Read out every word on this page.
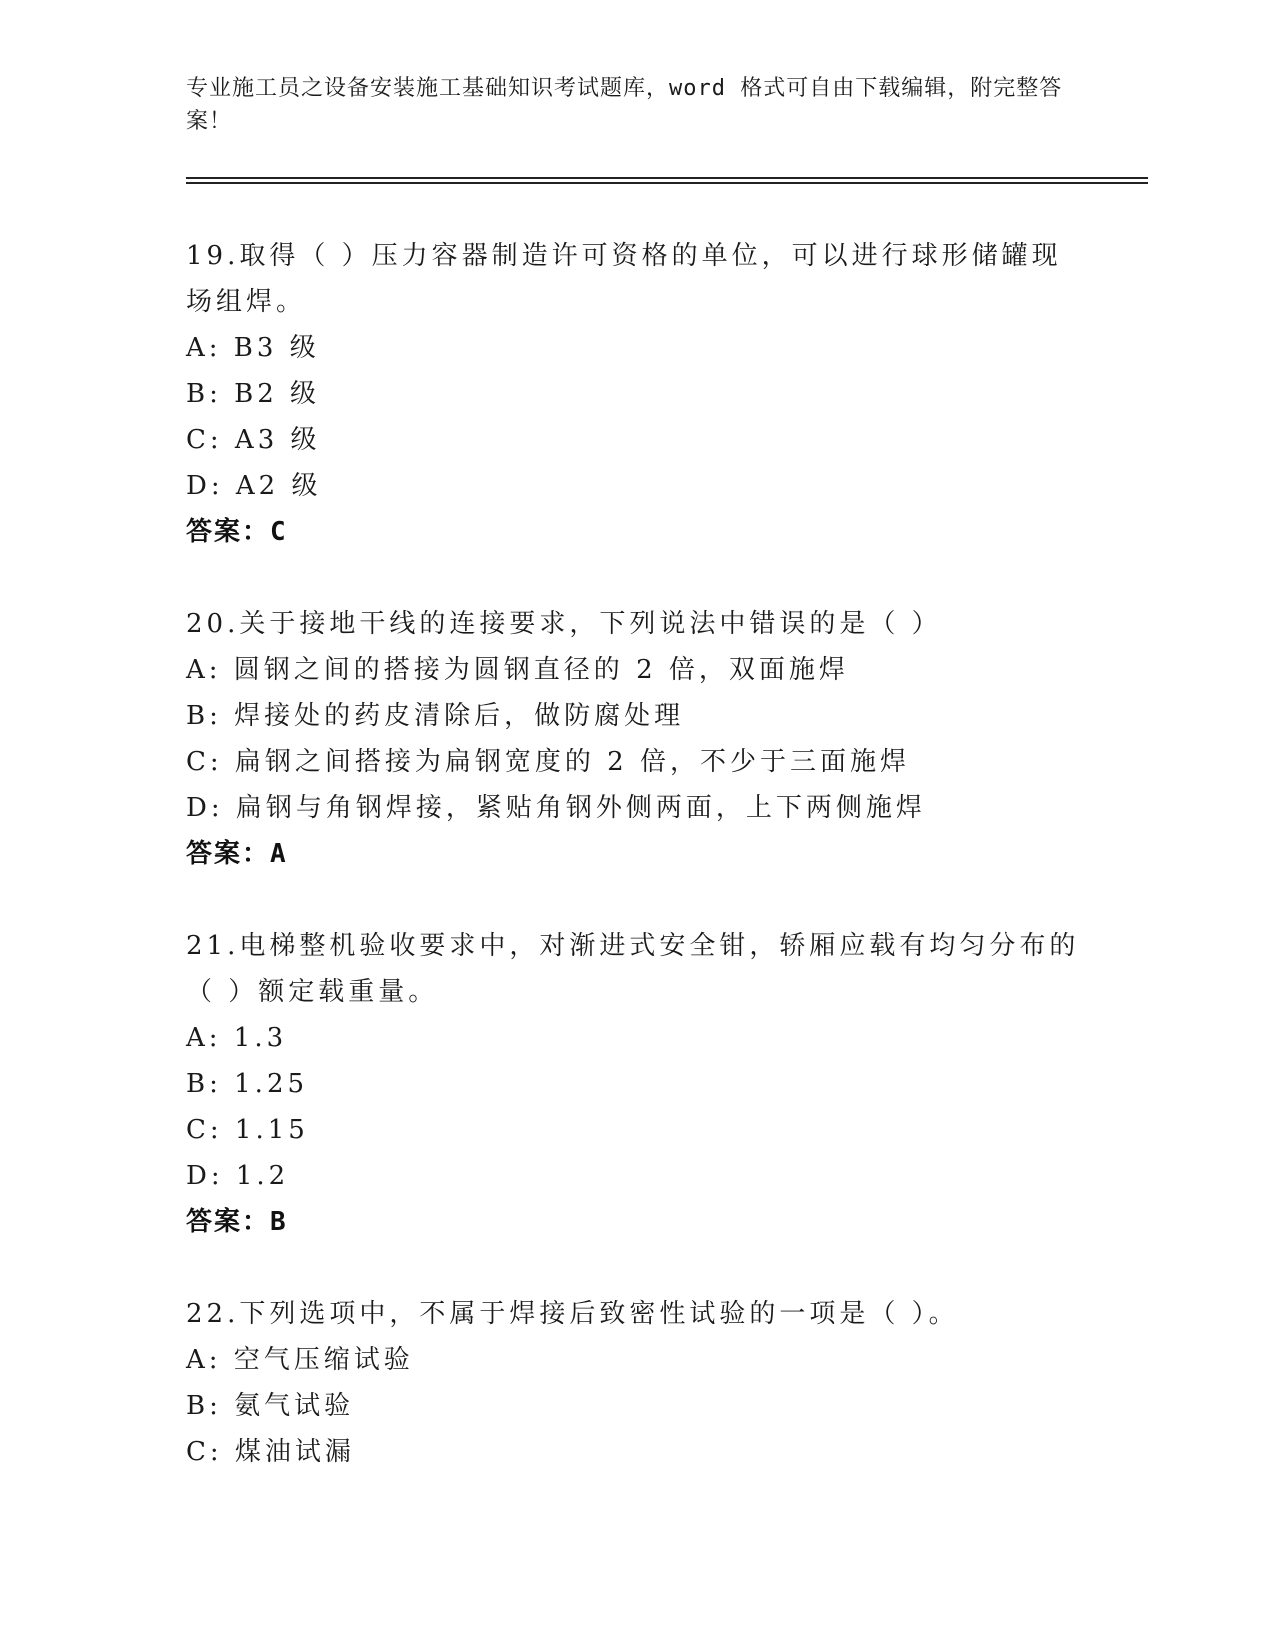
专业施工员之设备安装施工基础知识考试题库，word 格式可自由下载编辑，附完整答案！
19.取得（ ）压力容器制造许可资格的单位，可以进行球形储罐现场组焊。
A: B3 级
B: B2 级
C: A3 级
D: A2 级
答案：C
20.关于接地干线的连接要求，下列说法中错误的是（ ）
A: 圆钢之间的搭接为圆钢直径的 2 倍，双面施焊
B: 焊接处的药皮清除后，做防腐处理
C: 扁钢之间搭接为扁钢宽度的 2 倍，不少于三面施焊
D: 扁钢与角钢焊接，紧贴角钢外侧两面，上下两侧施焊
答案：A
21.电梯整机验收要求中，对渐进式安全钳，轿厢应载有均匀分布的（ ）额定载重量。
A: 1.3
B: 1.25
C: 1.15
D: 1.2
答案：B
22.下列选项中，不属于焊接后致密性试验的一项是（ ）。
A: 空气压缩试验
B: 氨气试验
C: 煤油试漏
